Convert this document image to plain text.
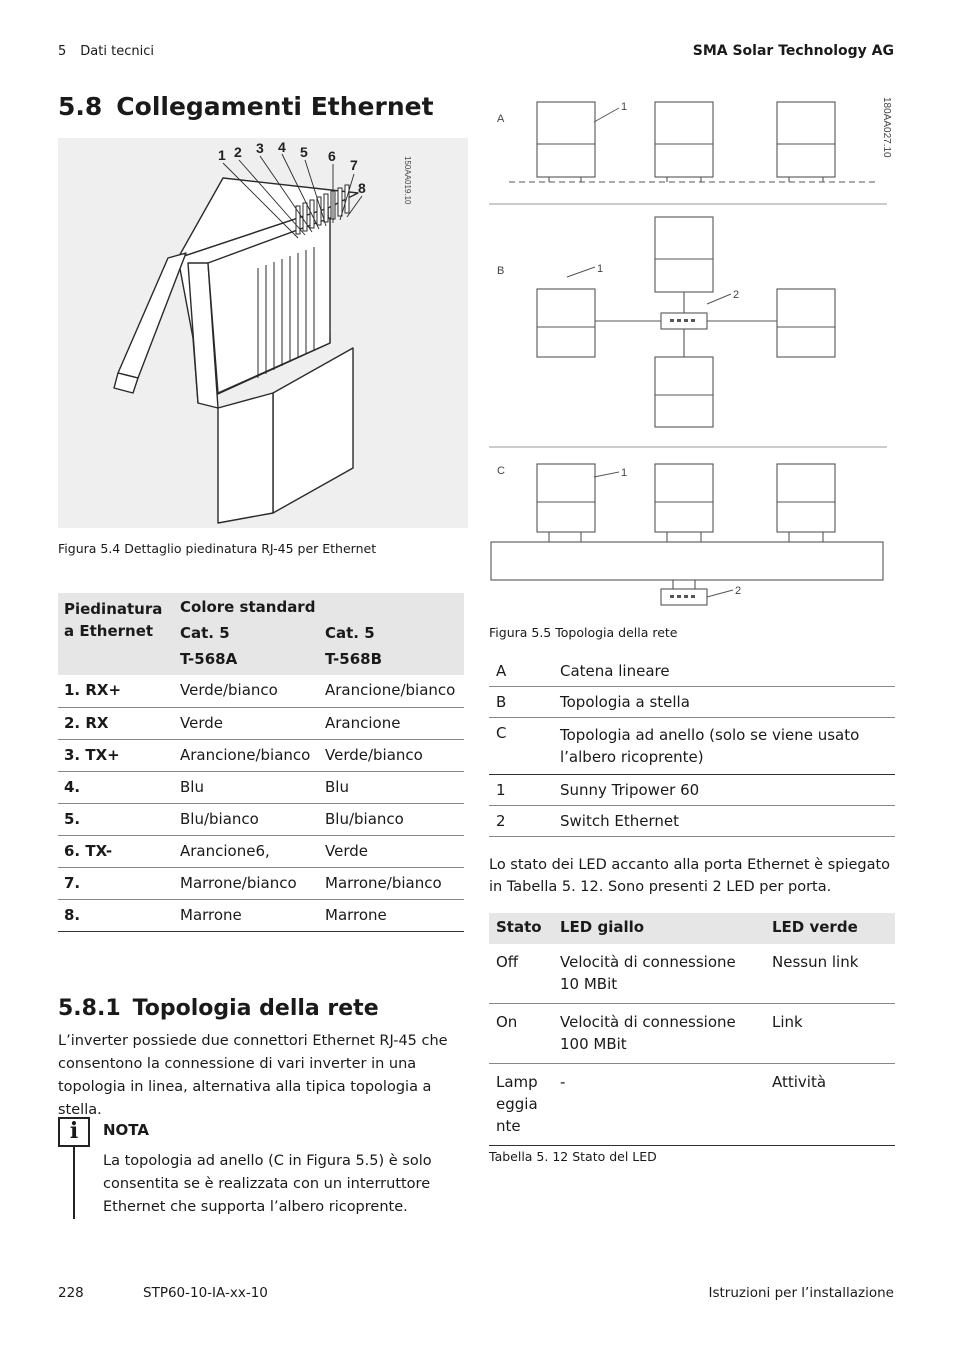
5 Dati tecnici	SMA Solar Technology AG
5.8 Collegamenti Ethernet
1 2 3 4 5 6
7
8	150AA019.10
Figura 5.4 Dettaglio piedinatura RJ-45 per Ethernet
Piedinatura a Ethernet	Colore standard	
	Cat. 5	Cat. 5
	T-568A	T-568B
1. RX+	Verde/bianco	Arancione/bianco
2. RX	Verde	Arancione
3. TX+	Arancione/bianco	Verde/bianco
4.	Blu	Blu
5.	Blu/bianco	Blu/bianco
6. TX-	Arancione6,	Verde
7.	Marrone/bianco	Marrone/bianco
8.	Marrone	Marrone
5.8.1 Topologia della rete
L’inverter possiede due connettori Ethernet RJ-45 che consentono la connessione di vari inverter in una topologia in linea, alternativa alla tipica topologia a stella.
i	NOTA
La topologia ad anello (C in Figura 5.5) è solo consentita se è realizzata con un interruttore Ethernet che supporta l’albero ricoprente.
A
B
C
1
1
2
1
2
180AA027.10
Figura 5.5 Topologia della rete
A	Catena lineare
B	Topologia a stella
C	Topologia ad anello (solo se viene usato l’albero ricoprente)
1	Sunny Tripower 60
2	Switch Ethernet
Lo stato dei LED accanto alla porta Ethernet è spiegato in Tabella 5. 12. Sono presenti 2 LED per porta.
Stato	LED giallo	LED verde
Off	Velocità di connessione 10 MBit	Nessun link
On	Velocità di connessione 100 MBit	Link
Lampeggiante	-	Attività
Tabella 5. 12 Stato del LED
228	STP60-10-IA-xx-10	Istruzioni per l’installazione
